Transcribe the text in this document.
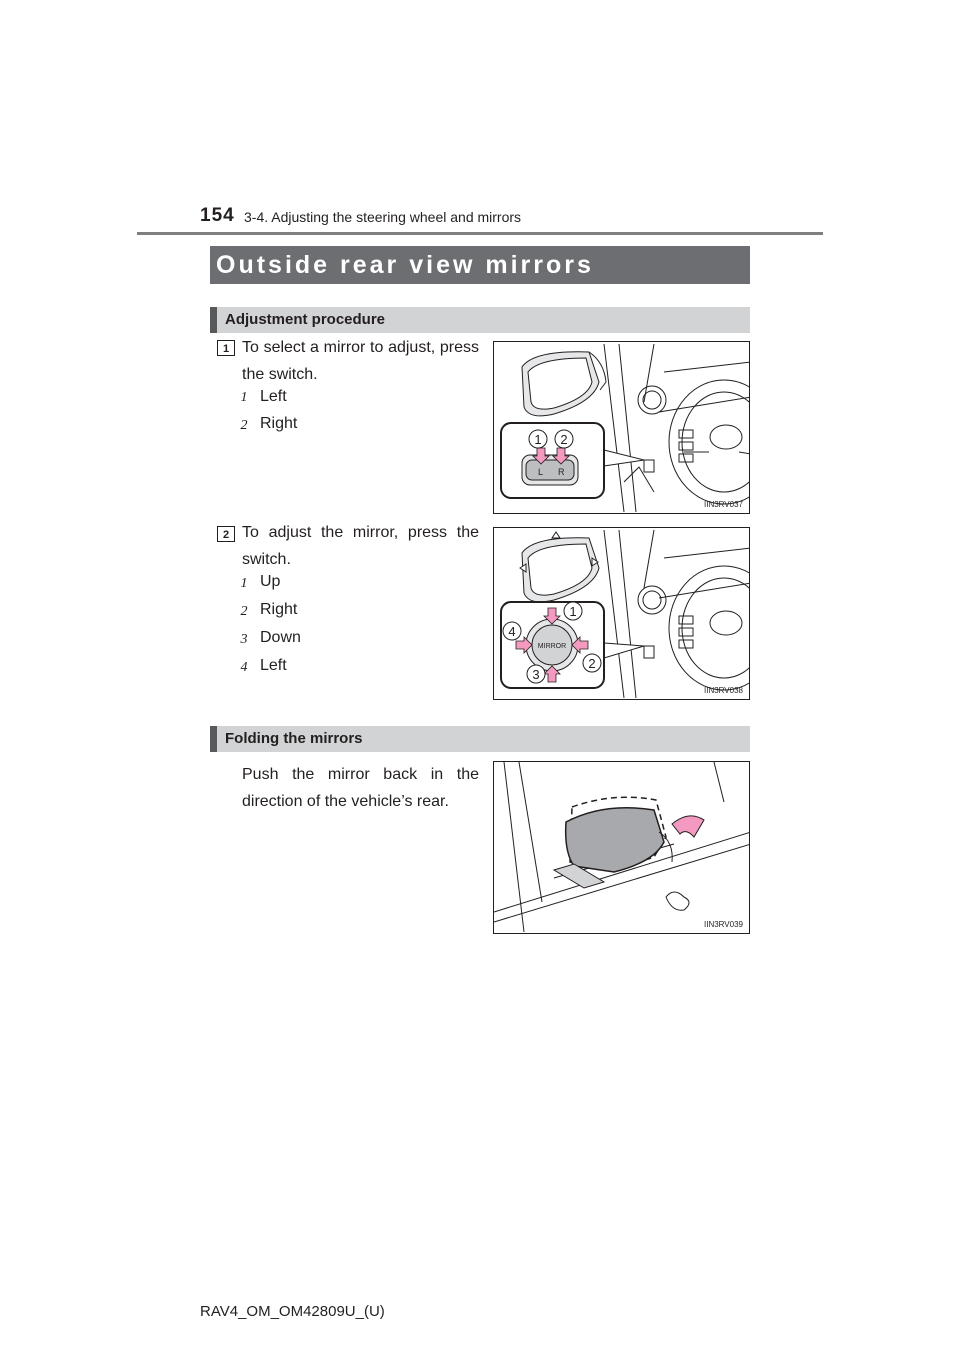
154 3-4. Adjusting the steering wheel and mirrors
Outside rear view mirrors
Adjustment procedure
1 To select a mirror to adjust, press the switch.
1 Left
2 Right
L R
1 2
IIN3RV037
2 To adjust the mirror, press the switch.
1 Up
2 Right
3 Down
4 Left
MIRROR
1
2
3
4
IIN3RV038
Folding the mirrors
Push the mirror back in the direction of the vehicle’s rear.
IIN3RV039
RAV4_OM_OM42809U_(U)
